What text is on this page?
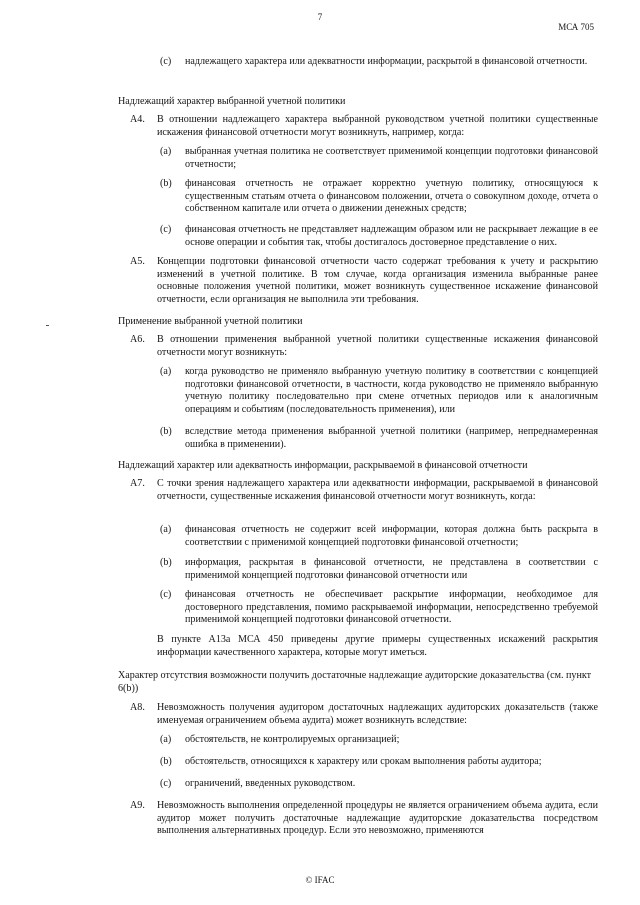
7
МСА 705
(c) надлежащего характера или адекватности информации, раскрытой в финансовой отчетности.
Надлежащий характер выбранной учетной политики
A4. В отношении надлежащего характера выбранной руководством учетной политики существенные искажения финансовой отчетности могут возникнуть, например, когда:
(a) выбранная учетная политика не соответствует применимой концепции подготовки финансовой отчетности;
(b) финансовая отчетность не отражает корректно учетную политику, относящуюся к существенным статьям отчета о финансовом положении, отчета о совокупном доходе, отчета о собственном капитале или отчета о движении денежных средств;
(c) финансовая отчетность не представляет надлежащим образом или не раскрывает лежащие в ее основе операции и события так, чтобы достигалось достоверное представление о них.
A5. Концепции подготовки финансовой отчетности часто содержат требования к учету и раскрытию изменений в учетной политике. В том случае, когда организация изменила выбранные ранее основные положения учетной политики, может возникнуть существенное искажение финансовой отчетности, если организация не выполнила эти требования.
Применение выбранной учетной политики
A6. В отношении применения выбранной учетной политики существенные искажения финансовой отчетности могут возникнуть:
(a) когда руководство не применяло выбранную учетную политику в соответствии с концепцией подготовки финансовой отчетности, в частности, когда руководство не применяло выбранную учетную политику последовательно при смене отчетных периодов или к аналогичным операциям и событиям (последовательность применения), или
(b) вследствие метода применения выбранной учетной политики (например, непреднамеренная ошибка в применении).
Надлежащий характер или адекватность информации, раскрываемой в финансовой отчетности
A7. С точки зрения надлежащего характера или адекватности информации, раскрываемой в финансовой отчетности, существенные искажения финансовой отчетности могут возникнуть, когда:
(a) финансовая отчетность не содержит всей информации, которая должна быть раскрыта в соответствии с применимой концепцией подготовки финансовой отчетности;
(b) информация, раскрытая в финансовой отчетности, не представлена в соответствии с применимой концепцией подготовки финансовой отчетности или
(c) финансовая отчетность не обеспечивает раскрытие информации, необходимое для достоверного представления, помимо раскрываемой информации, непосредственно требуемой применимой концепцией подготовки финансовой отчетности.
В пункте A13a МСА 450 приведены другие примеры существенных искажений раскрытия информации качественного характера, которые могут иметься.
Характер отсутствия возможности получить достаточные надлежащие аудиторские доказательства (см. пункт 6(b))
A8. Невозможность получения аудитором достаточных надлежащих аудиторских доказательств (также именуемая ограничением объема аудита) может возникнуть вследствие:
(a) обстоятельств, не контролируемых организацией;
(b) обстоятельств, относящихся к характеру или срокам выполнения работы аудитора;
(c) ограничений, введенных руководством.
A9. Невозможность выполнения определенной процедуры не является ограничением объема аудита, если аудитор может получить достаточные надлежащие аудиторские доказательства посредством выполнения альтернативных процедур. Если это невозможно, применяются
© IFAC
